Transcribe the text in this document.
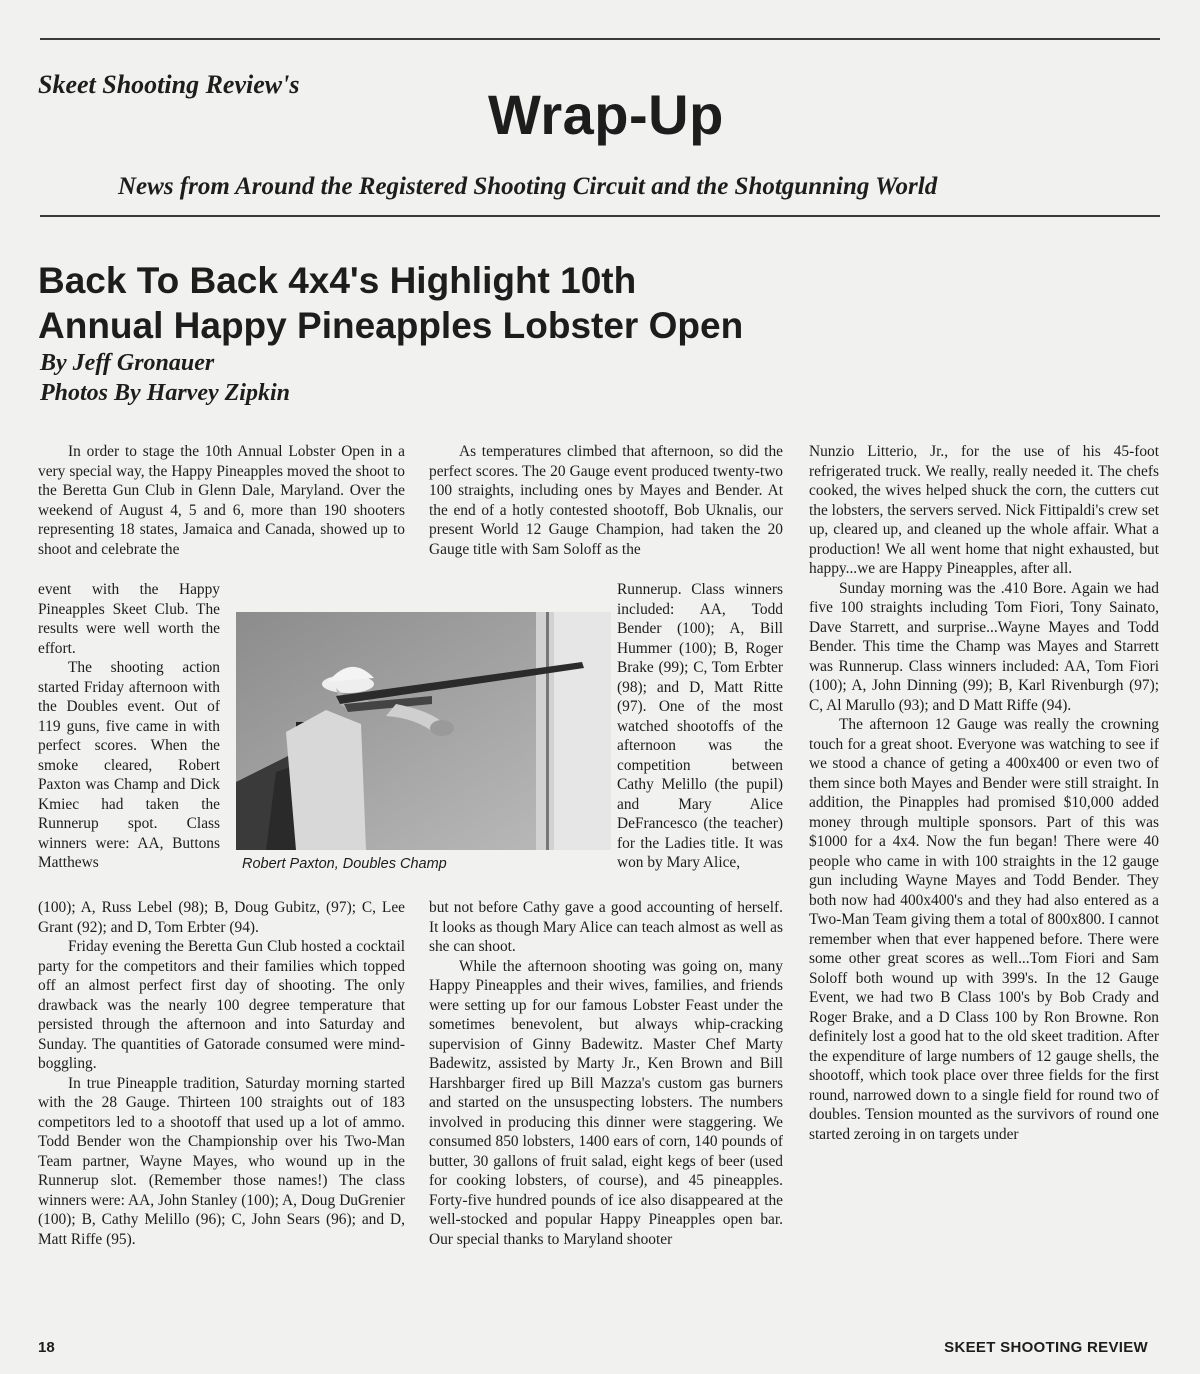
Skeet Shooting Review's	Wrap-Up
News from Around the Registered Shooting Circuit and the Shotgunning World
Back To Back 4x4's Highlight 10th
Annual Happy Pineapples Lobster Open
By Jeff Gronauer
Photos By Harvey Zipkin

In order to stage the 10th Annual Lobster Open in a very special way, the Happy Pineapples moved the shoot to the Beretta Gun Club in Glenn Dale, Maryland. Over the weekend of August 4, 5 and 6, more than 190 shooters representing 18 states, Jamaica and Canada, showed up to shoot and celebrate the

event with the Happy Pineapples Skeet Club. The results were well worth the effort.

The shooting action started Friday afternoon with the Doubles event. Out of 119 guns, five came in with perfect scores. When the smoke cleared, Robert Paxton was Champ and Dick Kmiec had taken the Runnerup spot. Class winners were: AA, Buttons Matthews

(100); A, Russ Lebel (98); B, Doug Gubitz, (97); C, Lee Grant (92); and D, Tom Erbter (94).

Friday evening the Beretta Gun Club hosted a cocktail party for the competitors and their families which topped off an almost perfect first day of shooting. The only drawback was the nearly 100 degree temperature that persisted through the afternoon and into Saturday and Sunday. The quantities of Gatorade consumed were mind-boggling.

In true Pineapple tradition, Saturday morning started with the 28 Gauge. Thirteen 100 straights out of 183 competitors led to a shootoff that used up a lot of ammo. Todd Bender won the Championship over his Two-Man Team partner, Wayne Mayes, who wound up in the Runnerup slot. (Remember those names!) The class winners were: AA, John Stanley (100); A, Doug DuGrenier (100); B, Cathy Melillo (96); C, John Sears (96); and D, Matt Riffe (95).

Robert Paxton, Doubles Champ

As temperatures climbed that afternoon, so did the perfect scores. The 20 Gauge event produced twenty-two 100 straights, including ones by Mayes and Bender. At the end of a hotly contested shootoff, Bob Uknalis, our present World 12 Gauge Champion, had taken the 20 Gauge title with Sam Soloff as the

Runnerup. Class winners included: AA, Todd Bender (100); A, Bill Hummer (100); B, Roger Brake (99); C, Tom Erbter (98); and D, Matt Ritte (97). One of the most watched shootoffs of the afternoon was the competition between Cathy Melillo (the pupil) and Mary Alice DeFrancesco (the teacher) for the Ladies title. It was won by Mary Alice,

but not before Cathy gave a good accounting of herself. It looks as though Mary Alice can teach almost as well as she can shoot.

While the afternoon shooting was going on, many Happy Pineapples and their wives, families, and friends were setting up for our famous Lobster Feast under the sometimes benevolent, but always whip-cracking supervision of Ginny Badewitz. Master Chef Marty Badewitz, assisted by Marty Jr., Ken Brown and Bill Harshbarger fired up Bill Mazza's custom gas burners and started on the unsuspecting lobsters. The numbers involved in producing this dinner were staggering. We consumed 850 lobsters, 1400 ears of corn, 140 pounds of butter, 30 gallons of fruit salad, eight kegs of beer (used for cooking lobsters, of course), and 45 pineapples. Forty-five hundred pounds of ice also disappeared at the well-stocked and popular Happy Pineapples open bar. Our special thanks to Maryland shooter

Nunzio Litterio, Jr., for the use of his 45-foot refrigerated truck. We really, really needed it. The chefs cooked, the wives helped shuck the corn, the cutters cut the lobsters, the servers served. Nick Fittipaldi's crew set up, cleared up, and cleaned up the whole affair. What a production! We all went home that night exhausted, but happy...we are Happy Pineapples, after all.

Sunday morning was the .410 Bore. Again we had five 100 straights including Tom Fiori, Tony Sainato, Dave Starrett, and surprise...Wayne Mayes and Todd Bender. This time the Champ was Mayes and Starrett was Runnerup. Class winners included: AA, Tom Fiori (100); A, John Dinning (99); B, Karl Rivenburgh (97); C, Al Marullo (93); and D Matt Riffe (94).

The afternoon 12 Gauge was really the crowning touch for a great shoot. Everyone was watching to see if we stood a chance of geting a 400x400 or even two of them since both Mayes and Bender were still straight. In addition, the Pinapples had promised $10,000 added money through multiple sponsors. Part of this was $1000 for a 4x4. Now the fun began! There were 40 people who came in with 100 straights in the 12 gauge gun including Wayne Mayes and Todd Bender. They both now had 400x400's and they had also entered as a Two-Man Team giving them a total of 800x800. I cannot remember when that ever happened before. There were some other great scores as well...Tom Fiori and Sam Soloff both wound up with 399's. In the 12 Gauge Event, we had two B Class 100's by Bob Crady and Roger Brake, and a D Class 100 by Ron Browne. Ron definitely lost a good hat to the old skeet tradition. After the expenditure of large numbers of 12 gauge shells, the shootoff, which took place over three fields for the first round, narrowed down to a single field for round two of doubles. Tension mounted as the survivors of round one started zeroing in on targets under

18	SKEET SHOOTING REVIEW
